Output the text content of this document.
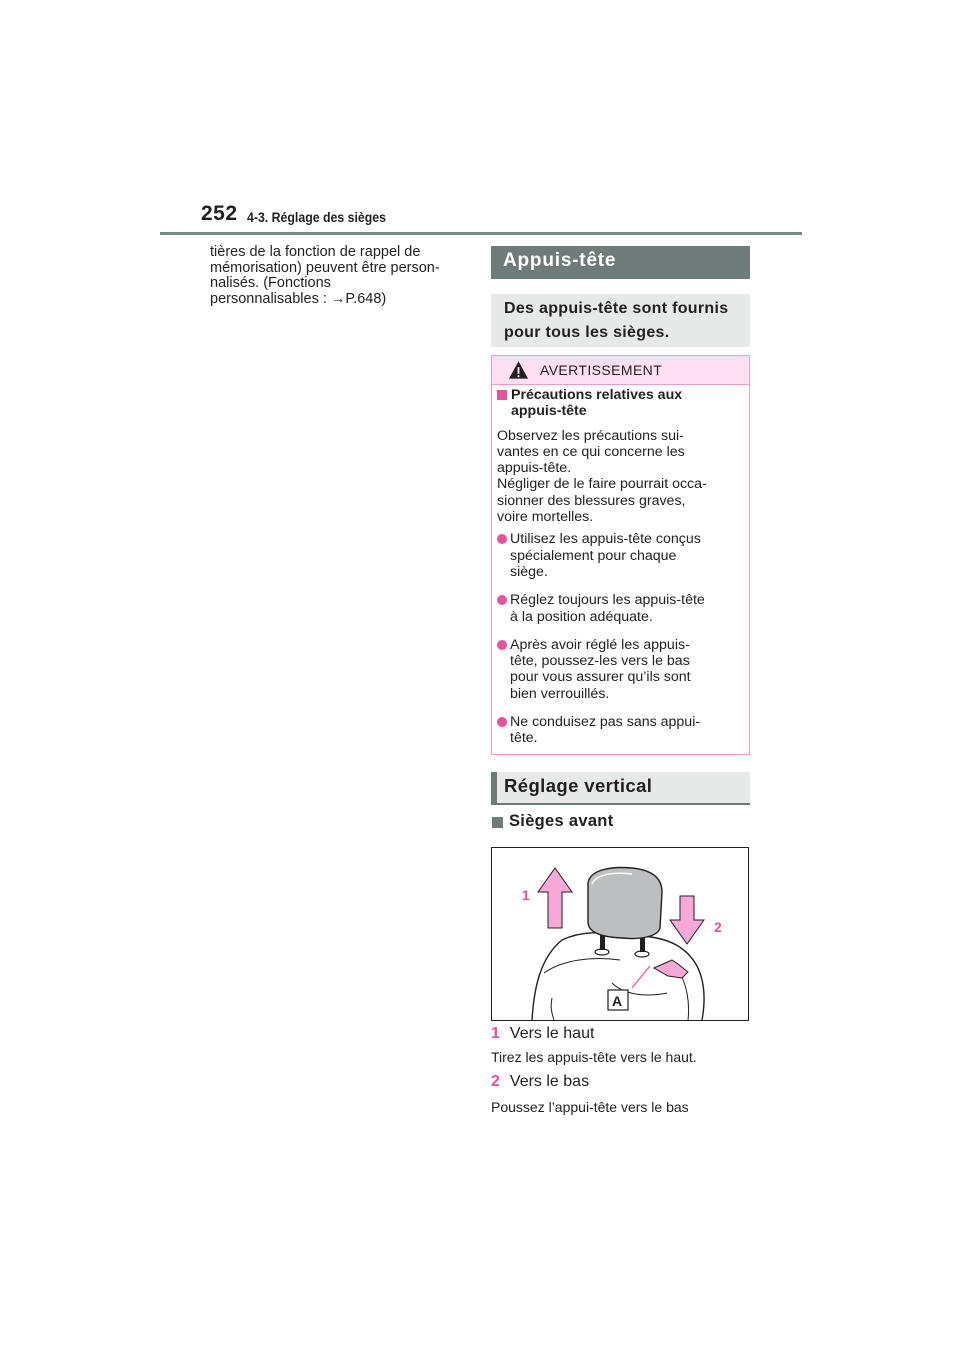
252 4-3. Réglage des sièges

tières de la fonction de rappel de

mémorisation) peuvent être person-

nalisés. (Fonctions

personnalisables : →P.648)

Appuis-tête
Des appuis-tête sont fournis
pour tous les sièges.
AVERTISSEMENT

Précautions relatives aux
appuis-tête

Observez les précautions sui-
vantes en ce qui concerne les
appuis-tête.
Négliger de le faire pourrait occa-
sionner des blessures graves,
voire mortelles.

Utilisez les appuis-tête conçus
spécialement pour chaque
siège.

Réglez toujours les appuis-tête
à la position adéquate.

Après avoir réglé les appuis-
tête, poussez-les vers le bas
pour vous assurer qu’ils sont
bien verrouillés.

Ne conduisez pas sans appui-
tête.

Réglage vertical
Sièges avant
1
2
A
1 Vers le haut
Tirez les appuis-tête vers le haut.
2 Vers le bas
Poussez l’appui-tête vers le bas
